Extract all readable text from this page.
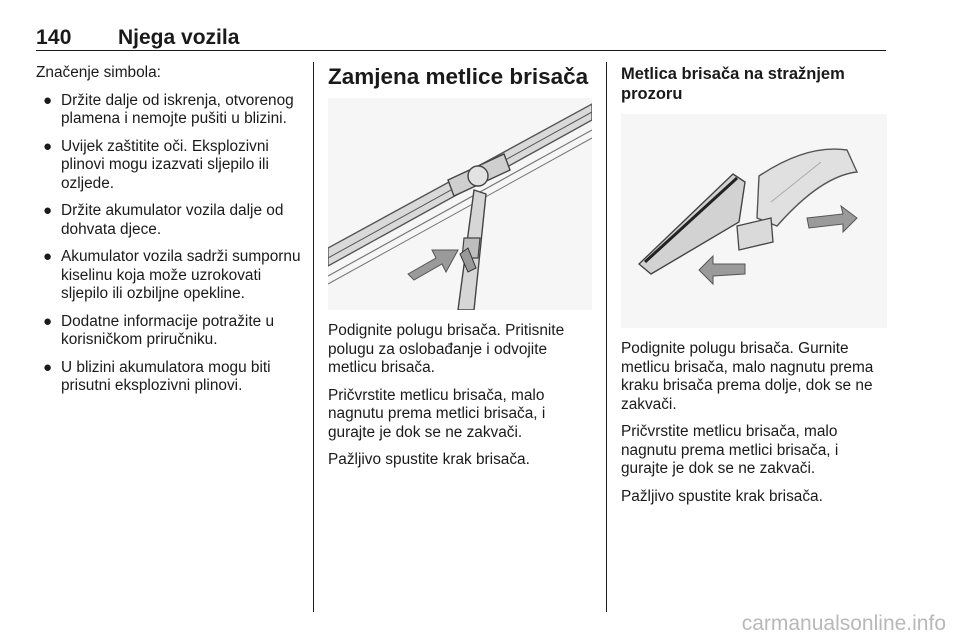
140 Njega vozila

Značenje simbola:

● Držite dalje od iskrenja, otvorenog plamena i nemojte pušiti u blizini.
● Uvijek zaštitite oči. Eksplozivni plinovi mogu izazvati sljepilo ili ozljede.
● Držite akumulator vozila dalje od dohvata djece.
● Akumulator vozila sadrži sumpornu kiselinu koja može uzrokovati sljepilo ili ozbiljne opekline.
● Dodatne informacije potražite u korisničkom priručniku.
● U blizini akumulatora mogu biti prisutni eksplozivni plinovi.
Zamjena metlice brisača

Podignite polugu brisača. Pritisnite polugu za oslobađanje i odvojite metlicu brisača.

Pričvrstite metlicu brisača, malo nagnutu prema metlici brisača, i gurajte je dok se ne zakvači.

Pažljivo spustite krak brisača.

Metlica brisača na stražnjem prozoru

Podignite polugu brisača. Gurnite metlicu brisača, malo nagnutu prema kraku brisača prema dolje, dok se ne zakvači.

Pričvrstite metlicu brisača, malo nagnutu prema metlici brisača, i gurajte je dok se ne zakvači.

Pažljivo spustite krak brisača.

carmanualsonline.info
